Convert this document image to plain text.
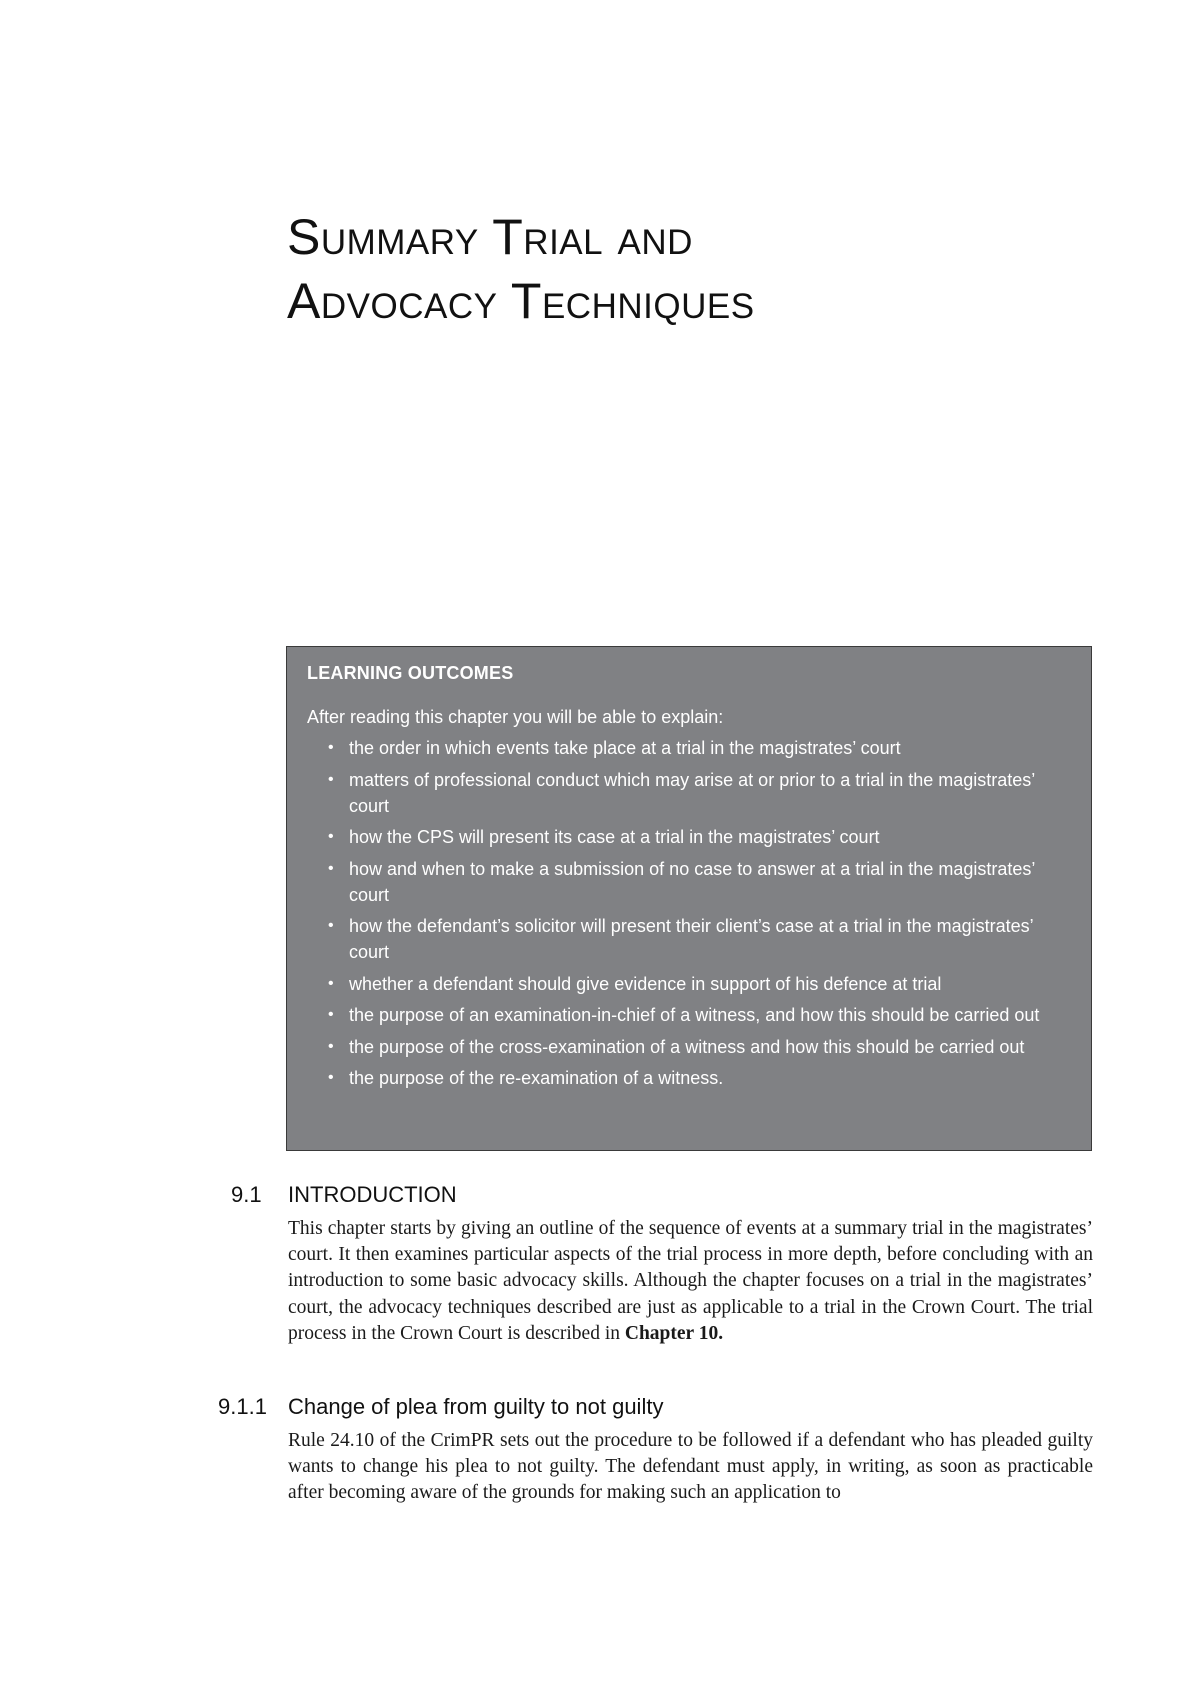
Summary Trial and
Advocacy Techniques

LEARNING OUTCOMES

After reading this chapter you will be able to explain:

• the order in which events take place at a trial in the magistrates’ court
• matters of professional conduct which may arise at or prior to a trial in the magistrates’ court
• how the CPS will present its case at a trial in the magistrates’ court
• how and when to make a submission of no case to answer at a trial in the magistrates’ court
• how the defendant’s solicitor will present their client’s case at a trial in the magistrates’ court
• whether a defendant should give evidence in support of his defence at trial
• the purpose of an examination-in-chief of a witness, and how this should be carried out
• the purpose of the cross-examination of a witness and how this should be carried out
• the purpose of the re-examination of a witness.
9.1 INTRODUCTION

This chapter starts by giving an outline of the sequence of events at a summary trial in the magistrates’ court. It then examines particular aspects of the trial process in more depth, before concluding with an introduction to some basic advocacy skills. Although the chapter focuses on a trial in the magistrates’ court, the advocacy techniques described are just as applicable to a trial in the Crown Court. The trial process in the Crown Court is described in Chapter 10.

9.1.1 Change of plea from guilty to not guilty

Rule 24.10 of the CrimPR sets out the procedure to be followed if a defendant who has pleaded guilty wants to change his plea to not guilty. The defendant must apply, in writing, as soon as practicable after becoming aware of the grounds for making such an application to
